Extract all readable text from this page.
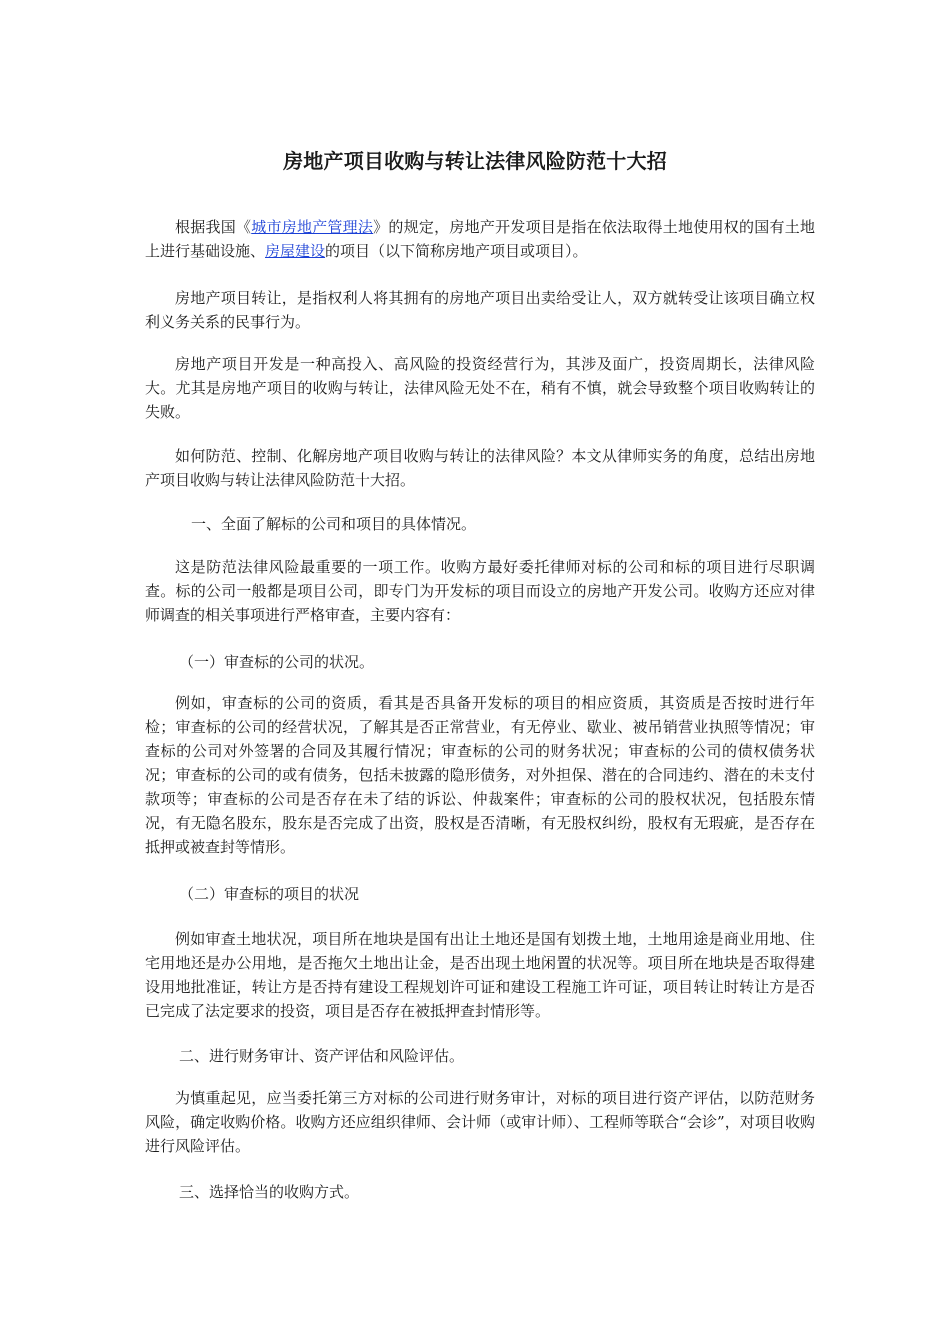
房地产项目收购与转让法律风险防范十大招

根据我国《城市房地产管理法》的规定，房地产开发项目是指在依法取得土地使用权的国有土地上进行基础设施、房屋建设的项目（以下简称房地产项目或项目）。

房地产项目转让，是指权利人将其拥有的房地产项目出卖给受让人，双方就转受让该项目确立权利义务关系的民事行为。

房地产项目开发是一种高投入、高风险的投资经营行为，其涉及面广，投资周期长，法律风险大。尤其是房地产项目的收购与转让，法律风险无处不在，稍有不慎，就会导致整个项目收购转让的失败。

如何防范、控制、化解房地产项目收购与转让的法律风险？本文从律师实务的角度，总结出房地产项目收购与转让法律风险防范十大招。

一、全面了解标的公司和项目的具体情况。

这是防范法律风险最重要的一项工作。收购方最好委托律师对标的公司和标的项目进行尽职调查。标的公司一般都是项目公司，即专门为开发标的项目而设立的房地产开发公司。收购方还应对律师调查的相关事项进行严格审查，主要内容有：

（一）审查标的公司的状况。

例如，审查标的公司的资质，看其是否具备开发标的项目的相应资质，其资质是否按时进行年检；审查标的公司的经营状况，了解其是否正常营业，有无停业、歇业、被吊销营业执照等情况；审查标的公司对外签署的合同及其履行情况；审查标的公司的财务状况；审查标的公司的债权债务状况；审查标的公司的或有债务，包括未披露的隐形债务，对外担保、潜在的合同违约、潜在的未支付款项等；审查标的公司是否存在未了结的诉讼、仲裁案件；审查标的公司的股权状况，包括股东情况，有无隐名股东，股东是否完成了出资，股权是否清晰，有无股权纠纷，股权有无瑕疵，是否存在抵押或被查封等情形。

（二）审查标的项目的状况

例如审查土地状况，项目所在地块是国有出让土地还是国有划拨土地，土地用途是商业用地、住宅用地还是办公用地，是否拖欠土地出让金，是否出现土地闲置的状况等。项目所在地块是否取得建设用地批准证，转让方是否持有建设工程规划许可证和建设工程施工许可证，项目转让时转让方是否已完成了法定要求的投资，项目是否存在被抵押查封情形等。

二、进行财务审计、资产评估和风险评估。

为慎重起见，应当委托第三方对标的公司进行财务审计，对标的项目进行资产评估，以防范财务风险，确定收购价格。收购方还应组织律师、会计师（或审计师）、工程师等联合“会诊”，对项目收购进行风险评估。

三、选择恰当的收购方式。
